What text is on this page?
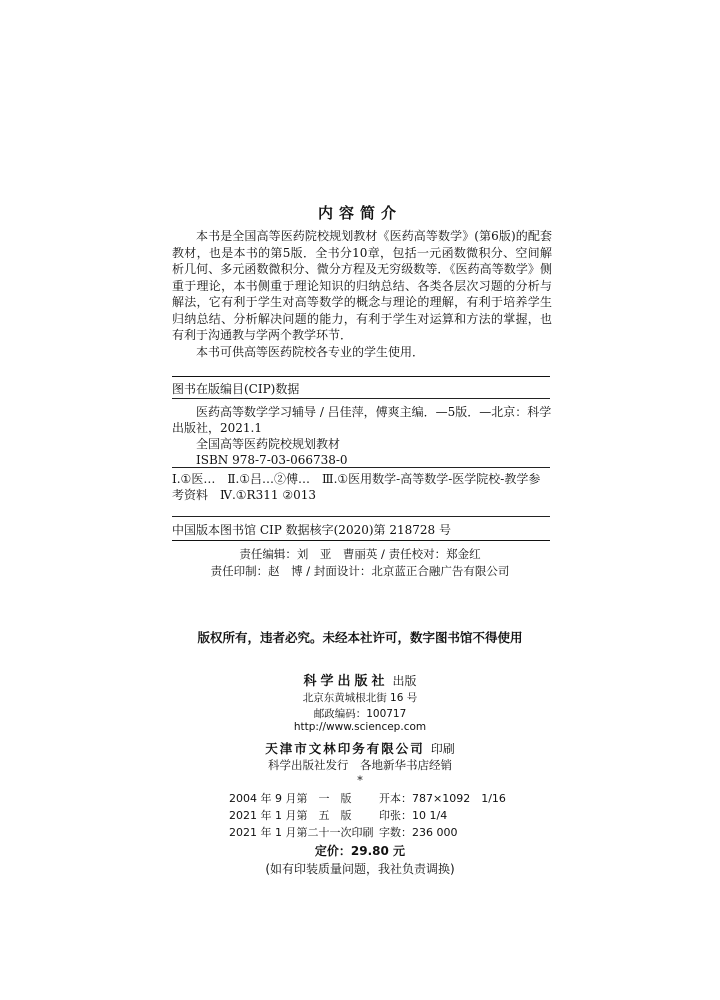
内容简介

本书是全国高等医药院校规划教材《医药高等数学》(第6版)的配套教材，也是本书的第5版．全书分10章，包括一元函数微积分、空间解析几何、多元函数微积分、微分方程及无穷级数等．《医药高等数学》侧重于理论，本书侧重于理论知识的归纳总结、各类各层次习题的分析与解法，它有利于学生对高等数学的概念与理论的理解，有利于培养学生归纳总结、分析解决问题的能力，有利于学生对运算和方法的掌握，也有利于沟通教与学两个教学环节．

本书可供高等医药院校各专业的学生使用．

图书在版编目(CIP)数据
医药高等数学学习辅导 / 吕佳萍，傅爽主编．—5版．—北京：科学出版社，2021.1
全国高等医药院校规划教材
ISBN 978-7-03-066738-0
Ⅰ.①医…　Ⅱ.①吕…②傅…　Ⅲ.①医用数学-高等数学-医学院校-教学参考资料　Ⅳ.①R311 ②013
中国版本图书馆 CIP 数据核字(2020)第 218728 号
责任编辑：刘　亚　曹丽英 / 责任校对：郑金红
责任印制：赵　博 / 封面设计：北京蓝正合融广告有限公司
版权所有，违者必究。未经本社许可，数字图书馆不得使用
科学出版社 出版
北京东黄城根北街 16 号
邮政编码：100717
http://www.sciencep.com
天津市文林印务有限公司 印刷
科学出版社发行　各地新华书店经销
*
2004 年 9 月第　一　版	开本：787×1092　1/16
2021 年 1 月第　五　版	印张：10 1/4
2021 年 1 月第二十一次印刷 字数：236 000
定价：29.80 元
(如有印装质量问题，我社负责调换)
